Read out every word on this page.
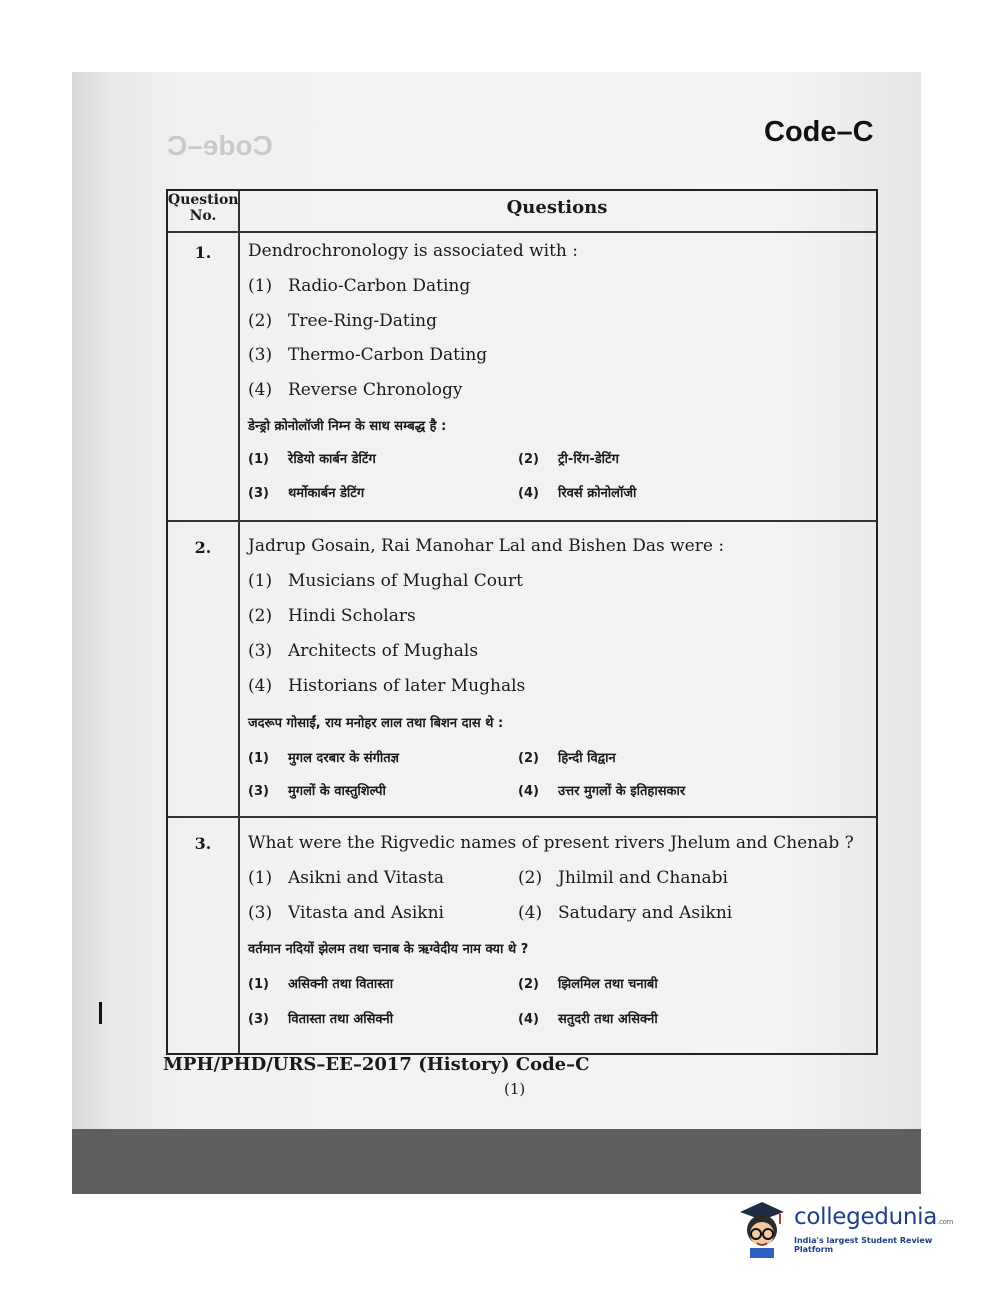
Code–C	Code–C
Question No.	Questions
1.	Dendrochronology is associated with :
(1) Radio-Carbon Dating
(2) Tree-Ring-Dating
(3) Thermo-Carbon Dating
(4) Reverse Chronology
डेन्ड्रो क्रोनोलॉजी निम्न के साथ सम्बद्ध है :
(1) रेडियो कार्बन डेटिंग	(2) ट्री-रिंग-डेटिंग
(3) थर्मोकार्बन डेटिंग	(4) रिवर्स क्रोनोलॉजी
2.	Jadrup Gosain, Rai Manohar Lal and Bishen Das were :
(1) Musicians of Mughal Court
(2) Hindi Scholars
(3) Architects of Mughals
(4) Historians of later Mughals
जदरूप गोसाईं, राय मनोहर लाल तथा बिशन दास थे :
(1) मुगल दरबार के संगीतज्ञ	(2) हिन्दी विद्वान
(3) मुगलों के वास्तुशिल्पी	(4) उत्तर मुगलों के इतिहासकार
3.	What were the Rigvedic names of present rivers Jhelum and Chenab ?
(1) Asikni and Vitasta	(2) Jhilmil and Chanabi
(3) Vitasta and Asikni	(4) Satudary and Asikni
वर्तमान नदियों झेलम तथा चनाब के ऋग्वेदीय नाम क्या थे ?
(1) असिक्नी तथा वितास्ता	(2) झिलमिल तथा चनाबी
(3) वितास्ता तथा असिक्नी	(4) सतुदरी तथा असिक्नी
MPH/PHD/URS–EE–2017 (History) Code–C
(1)
collegedunia.com
India's largest Student Review Platform
